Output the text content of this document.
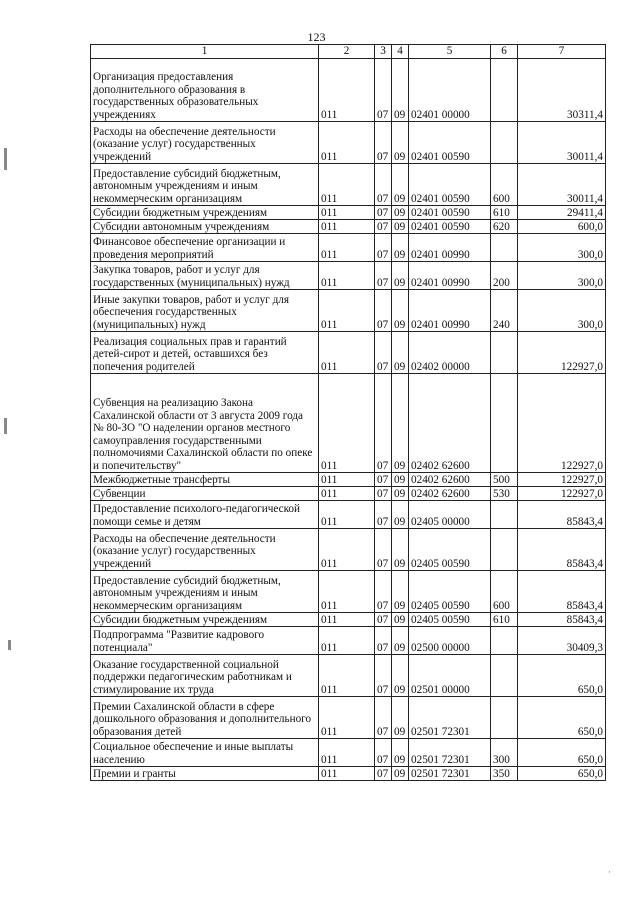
123
1	2	3	4	5	6	7
Организация предоставления дополнительного образования в государственных образовательных учреждениях	011	07	09	02401 00000		30311,4
Расходы на обеспечение деятельности (оказание услуг) государственных учреждений	011	07	09	02401 00590		30011,4
Предоставление субсидий бюджетным, автономным учреждениям и иным некоммерческим организациям	011	07	09	02401 00590	600	30011,4
Субсидии бюджетным учреждениям	011	07	09	02401 00590	610	29411,4
Субсидии автономным учреждениям	011	07	09	02401 00590	620	600,0
Финансовое обеспечение организации и проведения мероприятий	011	07	09	02401 00990		300,0
Закупка товаров, работ и услуг для государственных (муниципальных) нужд	011	07	09	02401 00990	200	300,0
Иные закупки товаров, работ и услуг для обеспечения государственных (муниципальных) нужд	011	07	09	02401 00990	240	300,0
Реализация социальных прав и гарантий детей-сирот и детей, оставшихся без попечения родителей	011	07	09	02402 00000		122927,0
Субвенция на реализацию Закона Сахалинской области от 3 августа 2009 года № 80-ЗО "О наделении органов местного самоуправления государственными полномочиями Сахалинской области по опеке и попечительству"	011	07	09	02402 62600		122927,0
Межбюджетные трансферты	011	07	09	02402 62600	500	122927,0
Субвенции	011	07	09	02402 62600	530	122927,0
Предоставление психолого-педагогической помощи семье и детям	011	07	09	02405 00000		85843,4
Расходы на обеспечение деятельности (оказание услуг) государственных учреждений	011	07	09	02405 00590		85843,4
Предоставление субсидий бюджетным, автономным учреждениям и иным некоммерческим организациям	011	07	09	02405 00590	600	85843,4
Субсидии бюджетным учреждениям	011	07	09	02405 00590	610	85843,4
Подпрограмма "Развитие кадрового потенциала"	011	07	09	02500 00000		30409,3
Оказание государственной социальной поддержки педагогическим работникам и стимулирование их труда	011	07	09	02501 00000		650,0
Премии Сахалинской области в сфере дошкольного образования и дополнительного образования детей	011	07	09	02501 72301		650,0
Социальное обеспечение и иные выплаты населению	011	07	09	02501 72301	300	650,0
Премии и гранты	011	07	09	02501 72301	350	650,0
·
